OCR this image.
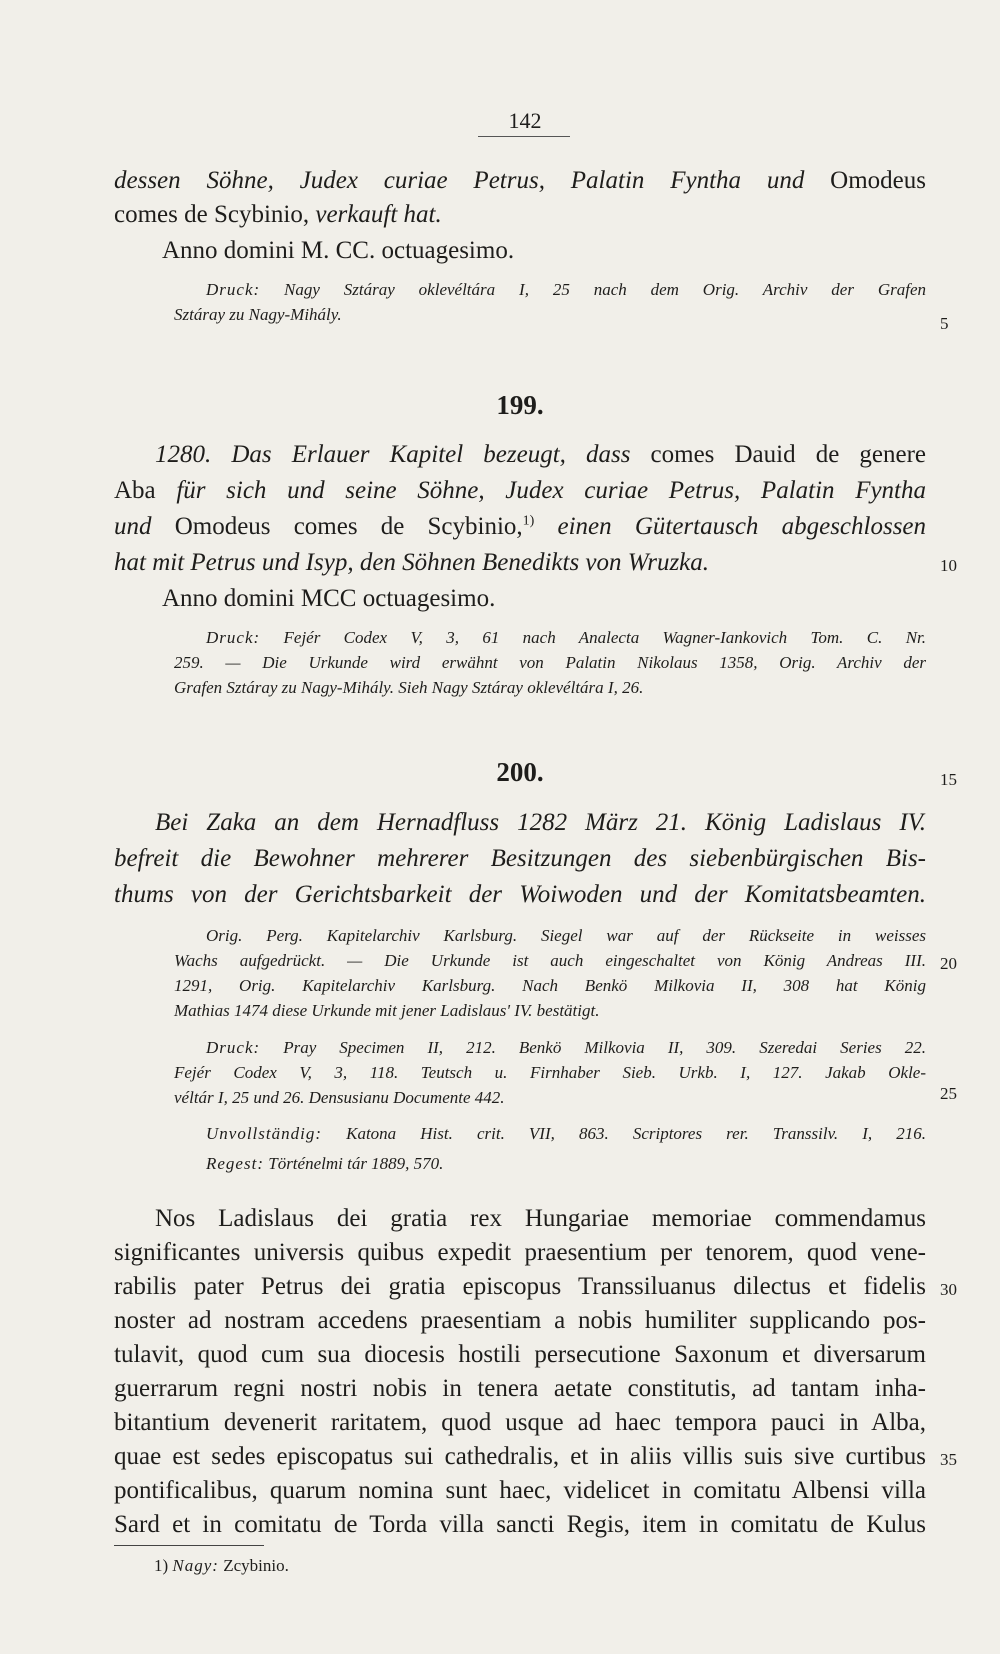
142
dessen Söhne, Judex curiae Petrus, Palatin Fyntha und Omodeus
comes de Scybinio, verkauft hat.
Anno domini M. CC. octuagesimo.
Druck: Nagy Sztáray oklevéltára I, 25 nach dem Orig. Archiv der Grafen
Sztáray zu Nagy-Mihály.	5
199.
1280. Das Erlauer Kapitel bezeugt, dass comes Dauid de genere
Aba für sich und seine Söhne, Judex curiae Petrus, Palatin Fyntha
und Omodeus comes de Scybinio,$^{1)}$ einen Gütertausch abgeschlossen
hat mit Petrus und Isyp, den Söhnen Benedikts von Wruzka.	10
Anno domini MCC octuagesimo.
Druck: Fejér Codex V, 3, 61 nach Analecta Wagner-Iankovich Tom. C. Nr.
259. — Die Urkunde wird erwähnt von Palatin Nikolaus 1358, Orig. Archiv der
Grafen Sztáray zu Nagy-Mihály. Sieh Nagy Sztáray oklevéltára I, 26.
200.	15
Bei Zaka an dem Hernadfluss 1282 März 21. König Ladislaus IV.
befreit die Bewohner mehrerer Besitzungen des siebenbürgischen Bis-
thums von der Gerichtsbarkeit der Woiwoden und der Komitatsbeamten.
Orig. Perg. Kapitelarchiv Karlsburg. Siegel war auf der Rückseite in weisses
Wachs aufgedrückt. — Die Urkunde ist auch eingeschaltet von König Andreas III. 20
1291, Orig. Kapitelarchiv Karlsburg. Nach Benkö Milkovia II, 308 hat König
Mathias 1474 diese Urkunde mit jener Ladislaus' IV. bestätigt.
Druck: Pray Specimen II, 212. Benkö Milkovia II, 309. Szeredai Series 22.
Fejér Codex V, 3, 118. Teutsch u. Firnhaber Sieb. Urkb. I, 127. Jakab Okle-
véltár I, 25 und 26. Densusianu Documente 442.	25
Unvollständig: Katona Hist. crit. VII, 863. Scriptores rer. Transsilv. I, 216.
Regest: Történelmi tár 1889, 570.
Nos Ladislaus dei gratia rex Hungariae memoriae commendamus
significantes universis quibus expedit praesentium per tenorem, quod vene-
rabilis pater Petrus dei gratia episcopus Transsiluanus dilectus et fidelis 30
noster ad nostram accedens praesentiam a nobis humiliter supplicando pos-
tulavit, quod cum sua diocesis hostili persecutione Saxonum et diversarum
guerrarum regni nostri nobis in tenera aetate constitutis, ad tantam inha-
bitantium devenerit raritatem, quod usque ad haec tempora pauci in Alba,
quae est sedes episcopatus sui cathedralis, et in aliis villis suis sive curtibus 35
pontificalibus, quarum nomina sunt haec, videlicet in comitatu Albensi villa
Sard et in comitatu de Torda villa sancti Regis, item in comitatu de Kulus
1) Nagy: Zcybinio.
